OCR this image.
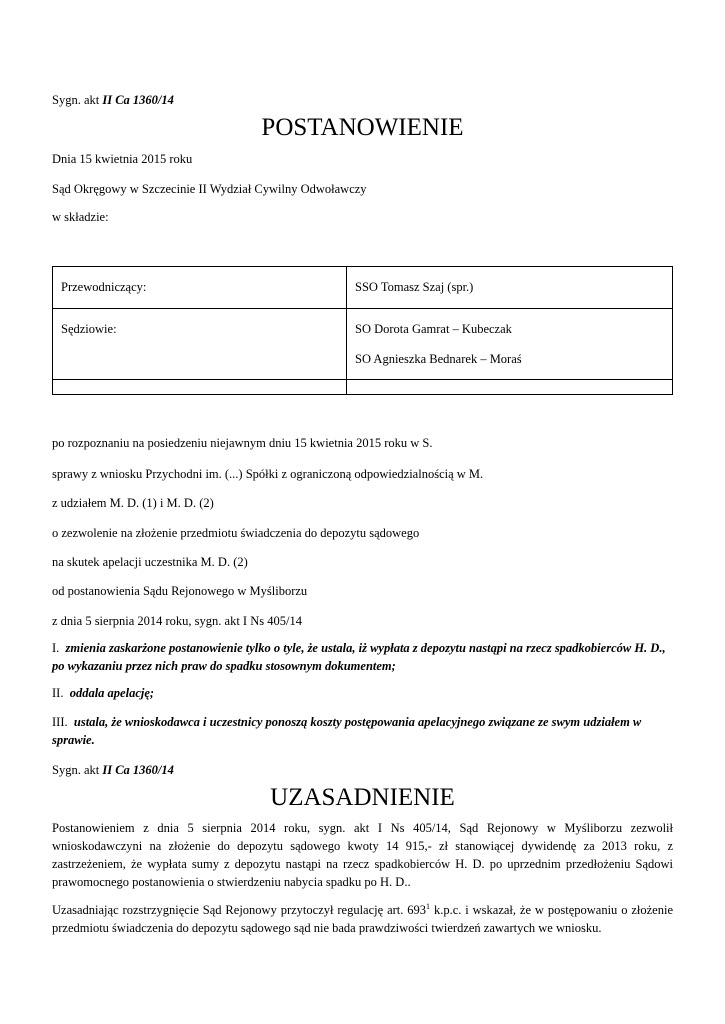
Sygn. akt II Ca 1360/14
POSTANOWIENIE
Dnia 15 kwietnia 2015 roku
Sąd Okręgowy w Szczecinie II Wydział Cywilny Odwoławczy
w składzie:
Przewodniczący:	SSO Tomasz Szaj (spr.)

Sędziowie:	SO Dorota Gamrat – Kubeczak
SO Agnieszka Bednarek – Moraś

po rozpoznaniu na posiedzeniu niejawnym dniu 15 kwietnia 2015 roku w S.
sprawy z wniosku Przychodni im. (...) Spółki z ograniczoną odpowiedzialnością w M.
z udziałem M. D. (1) i M. D. (2)
o zezwolenie na złożenie przedmiotu świadczenia do depozytu sądowego
na skutek apelacji uczestnika M. D. (2)
od postanowienia Sądu Rejonowego w Myśliborzu
z dnia 5 sierpnia 2014 roku, sygn. akt I Ns 405/14
I. zmienia zaskarżone postanowienie tylko o tyle, że ustala, iż wypłata z depozytu nastąpi na rzecz spadkobierców H. D., po wykazaniu przez nich praw do spadku stosownym dokumentem;
II. oddala apelację;
III. ustala, że wnioskodawca i uczestnicy ponoszą koszty postępowania apelacyjnego związane ze swym udziałem w sprawie.
Sygn. akt II Ca 1360/14
UZASADNIENIE
Postanowieniem z dnia 5 sierpnia 2014 roku, sygn. akt I Ns 405/14, Sąd Rejonowy w Myśliborzu zezwolił wnioskodawczyni na złożenie do depozytu sądowego kwoty 14 915,- zł stanowiącej dywidendę za 2013 roku, z zastrzeżeniem, że wypłata sumy z depozytu nastąpi na rzecz spadkobierców H. D. po uprzednim przedłożeniu Sądowi prawomocnego postanowienia o stwierdzeniu nabycia spadku po H. D..
Uzasadniając rozstrzygnięcie Sąd Rejonowy przytoczył regulację art. $693^1$ k.p.c. i wskazał, że w postępowaniu o złożenie przedmiotu świadczenia do depozytu sądowego sąd nie bada prawdziwości twierdzeń zawartych we wniosku.
